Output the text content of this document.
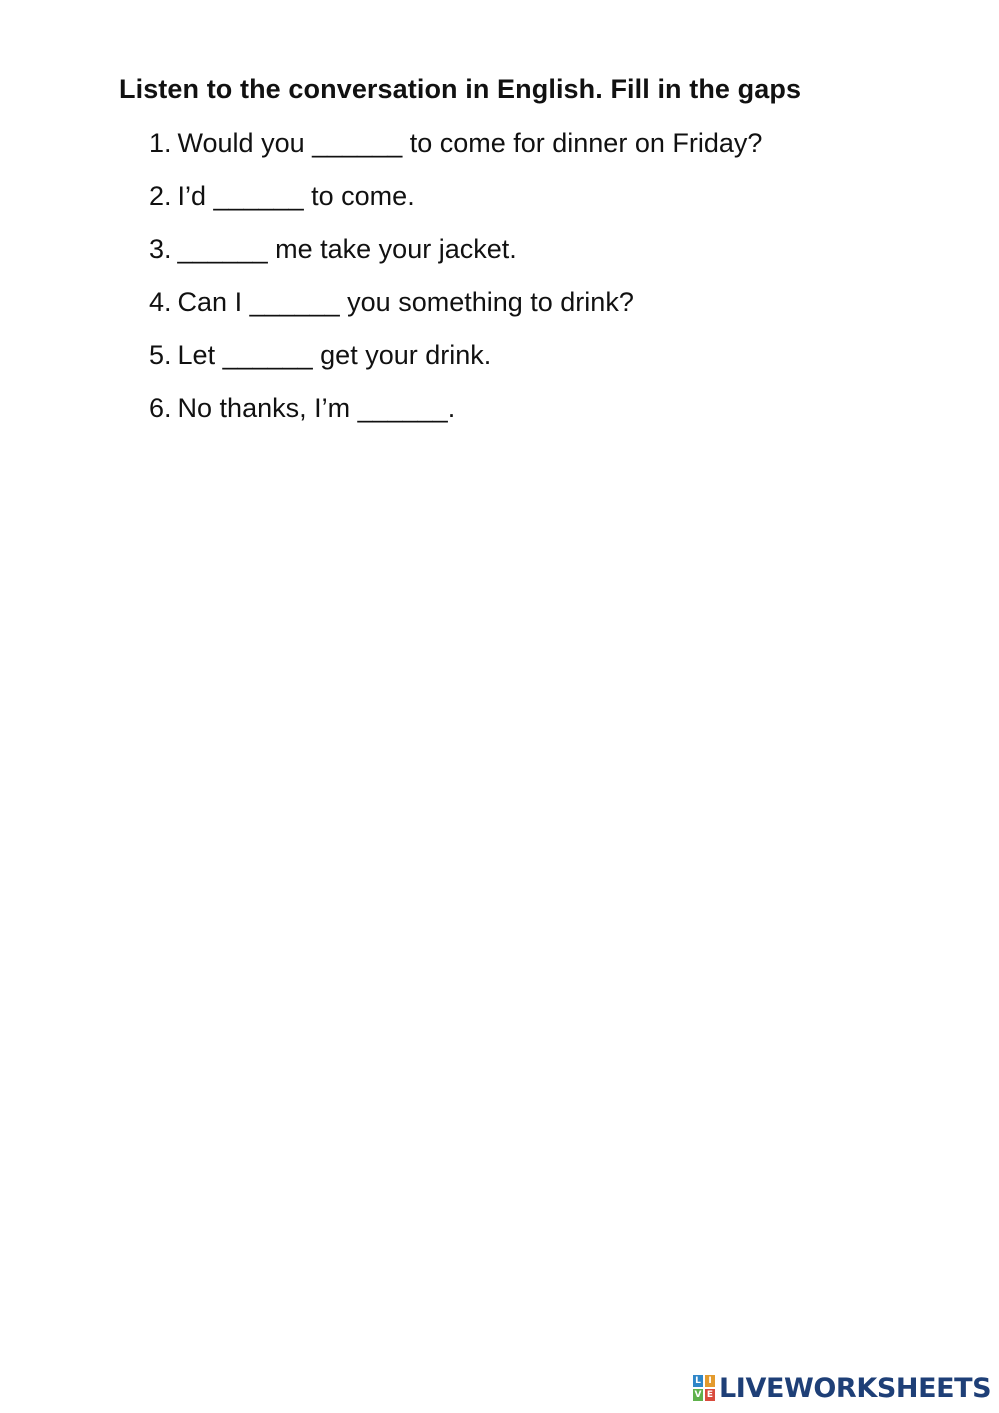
Listen to the conversation in English. Fill in the gaps
1. Would you ______ to come for dinner on Friday?
2. I’d ______ to come.
3. ______ me take your jacket.
4. Can I ______ you something to drink?
5. Let ______ get your drink.
6. No thanks, I’m ______.
L I
V E LIVEWORKSHEETS
